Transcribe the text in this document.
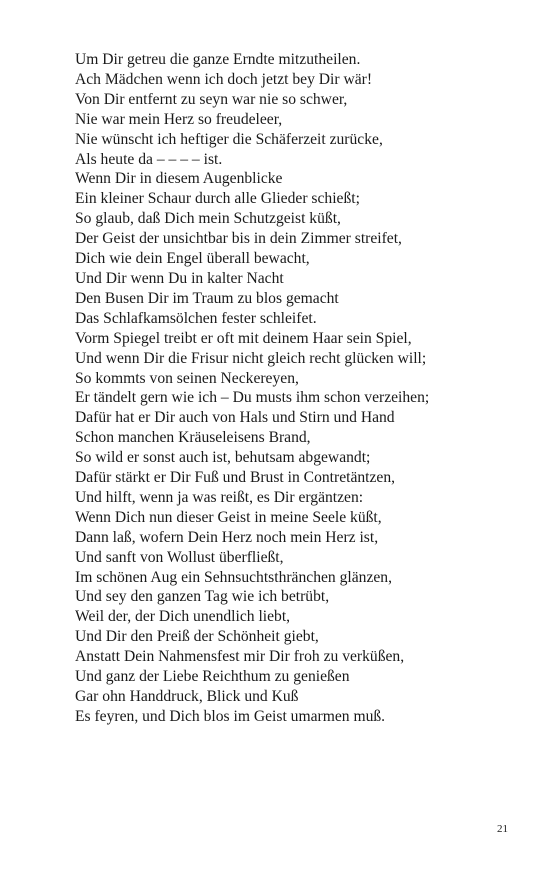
Um Dir getreu die ganze Erndte mitzutheilen.
Ach Mädchen wenn ich doch jetzt bey Dir wär!
Von Dir entfernt zu seyn war nie so schwer,
Nie war mein Herz so freudeleer,
Nie wünscht ich heftiger die Schäferzeit zurücke,
Als heute da – – – – ist.
Wenn Dir in diesem Augenblicke
Ein kleiner Schaur durch alle Glieder schießt;
So glaub, daß Dich mein Schutzgeist küßt,
Der Geist der unsichtbar bis in dein Zimmer streifet,
Dich wie dein Engel überall bewacht,
Und Dir wenn Du in kalter Nacht
Den Busen Dir im Traum zu blos gemacht
Das Schlafkamsölchen fester schleifet.
Vorm Spiegel treibt er oft mit deinem Haar sein Spiel,
Und wenn Dir die Frisur nicht gleich recht glücken will;
So kommts von seinen Neckereyen,
Er tändelt gern wie ich – Du musts ihm schon verzeihen;
Dafür hat er Dir auch von Hals und Stirn und Hand
Schon manchen Kräuseleisens Brand,
So wild er sonst auch ist, behutsam abgewandt;
Dafür stärkt er Dir Fuß und Brust in Contretäntzen,
Und hilft, wenn ja was reißt, es Dir ergäntzen:
Wenn Dich nun dieser Geist in meine Seele küßt,
Dann laß, wofern Dein Herz noch mein Herz ist,
Und sanft von Wollust überfließt,
Im schönen Aug ein Sehnsuchtsthränchen glänzen,
Und sey den ganzen Tag wie ich betrübt,
Weil der, der Dich unendlich liebt,
Und Dir den Preiß der Schönheit giebt,
Anstatt Dein Nahmensfest mir Dir froh zu verküßen,
Und ganz der Liebe Reichthum zu genießen
Gar ohn Handdruck, Blick und Kuß
Es feyren, und Dich blos im Geist umarmen muß.
21
